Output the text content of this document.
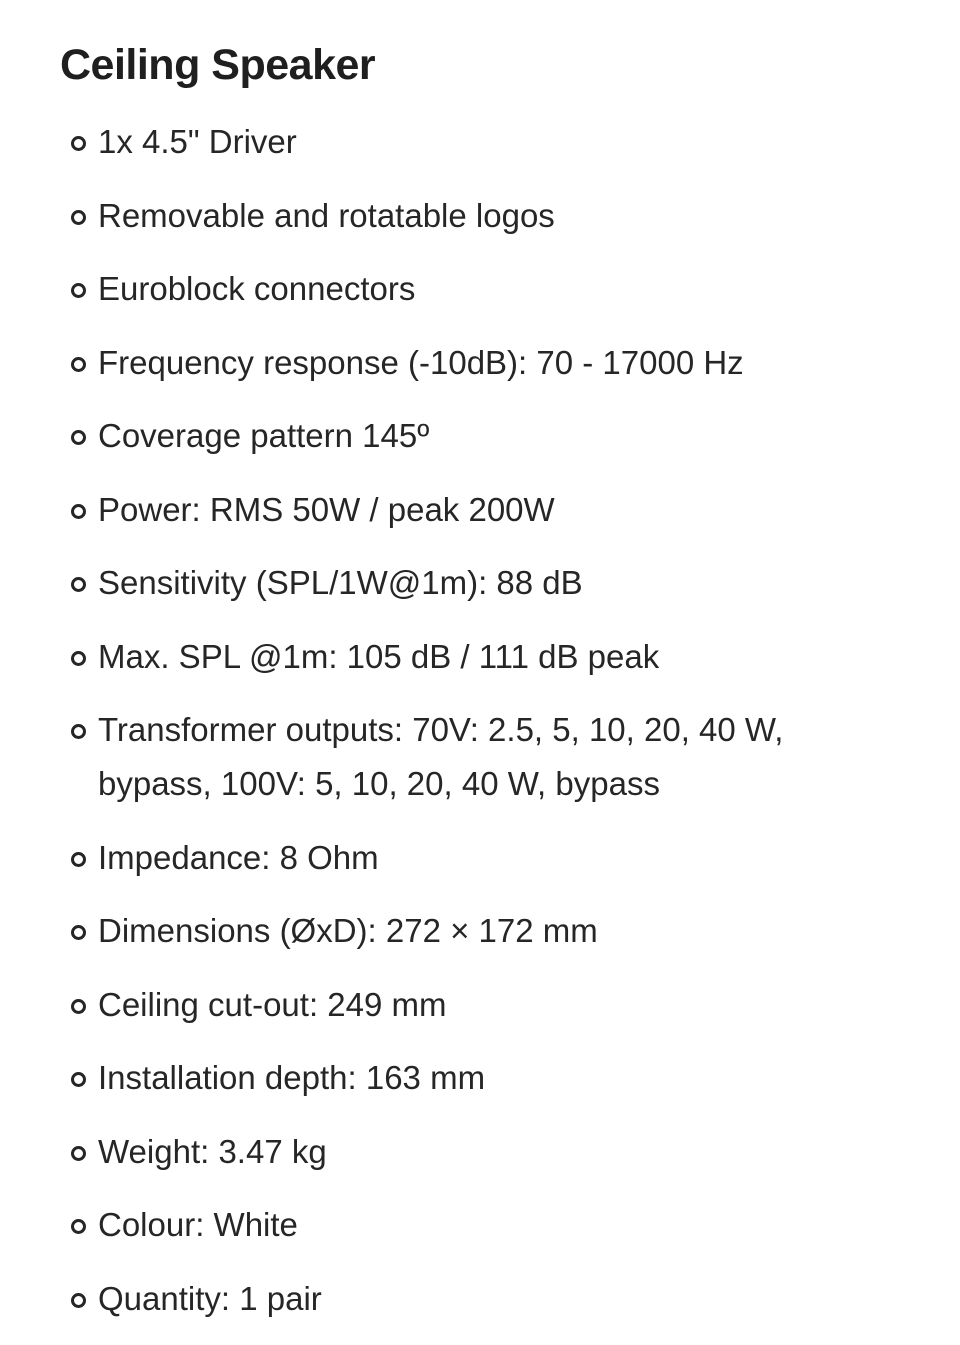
Ceiling Speaker
1x 4.5" Driver
Removable and rotatable logos
Euroblock connectors
Frequency response (-10dB): 70 - 17000 Hz
Coverage pattern 145º
Power: RMS 50W / peak 200W
Sensitivity (SPL/1W@1m): 88 dB
Max. SPL @1m: 105 dB / 111 dB peak
Transformer outputs: 70V: 2.5, 5, 10, 20, 40 W, bypass, 100V: 5, 10, 20, 40 W, bypass
Impedance: 8 Ohm
Dimensions (ØxD): 272 × 172 mm
Ceiling cut-out: 249 mm
Installation depth: 163 mm
Weight: 3.47 kg
Colour: White
Quantity: 1 pair
